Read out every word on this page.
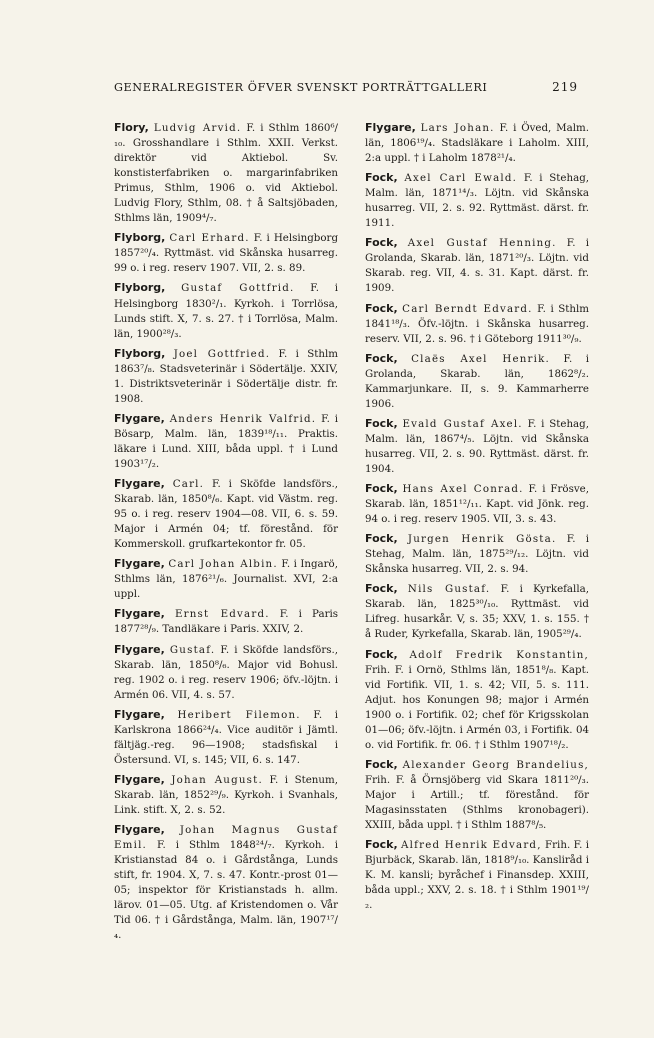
GENERALREGISTER ÖFVER SVENSKT PORTRÄTTGALLERI	219
Flory, Ludvig Arvid. F. i Sthlm 1860⁶/₁₀. Grosshandlare i Sthlm. XXII. Verkst. direktör vid Aktiebol. Sv. konstisterfabriken o. margarinfabriken Primus, Sthlm, 1906 o. vid Aktiebol. Ludvig Flory, Sthlm, 08. † å Saltsjöbaden, Sthlms län, 1909⁴/₇.
Flyborg, Carl Erhard. F. i Helsingborg 1857²⁰/₄. Ryttmäst. vid Skånska husarreg. 99 o. i reg. reserv 1907. VII, 2. s. 89.
Flyborg, Gustaf Gottfrid. F. i Helsingborg 1830²/₁. Kyrkoh. i Torrlösa, Lunds stift. X, 7. s. 27. † i Torrlösa, Malm. län, 1900²⁸/₃.
Flyborg, Joel Gottfried. F. i Sthlm 1863⁷/₈. Stadsveterinär i Södertälje. XXIV, 1. Distriktsveterinär i Södertälje distr. fr. 1908.
Flygare, Anders Henrik Valfrid. F. i Bösarp, Malm. län, 1839¹⁸/₁₁. Praktis. läkare i Lund. XIII, båda uppl. † i Lund 1903¹⁷/₂.
Flygare, Carl. F. i Sköfde landsförs., Skarab. län, 1850⁸/₆. Kapt. vid Västm. reg. 95 o. i reg. reserv 1904—08. VII, 6. s. 59. Major i Armén 04; tf. förestånd. för Kommerskoll. grufkartekontor fr. 05.
Flygare, Carl Johan Albin. F. i Ingarö, Sthlms län, 1876²¹/₆. Journalist. XVI, 2:a uppl.
Flygare, Ernst Edvard. F. i Paris 1877²⁸/₉. Tandläkare i Paris. XXIV, 2.
Flygare, Gustaf. F. i Sköfde landsförs., Skarab. län, 1850⁸/₆. Major vid Bohusl. reg. 1902 o. i reg. reserv 1906; öfv.-löjtn. i Armén 06. VII, 4. s. 57.
Flygare, Heribert Filemon. F. i Karlskrona 1866²⁴/₄. Vice auditör i Jämtl. fältjäg.-reg. 96—1908; stadsfiskal i Östersund. VI, s. 145; VII, 6. s. 147.
Flygare, Johan August. F. i Stenum, Skarab. län, 1852²⁹/₉. Kyrkoh. i Svanhals, Link. stift. X, 2. s. 52.
Flygare, Johan Magnus Gustaf Emil. F. i Sthlm 1848²⁴/₇. Kyrkoh. i Kristianstad 84 o. i Gårdstånga, Lunds stift, fr. 1904. X, 7. s. 47. Kontr.-prost 01—05; inspektor för Kristianstads h. allm. lärov. 01—05. Utg. af Kristendomen o. Vår Tid 06. † i Gårdstånga, Malm. län, 1907¹⁷/₄.
Flygare, Lars Johan. F. i Öved, Malm. län, 1806¹⁹/₄. Stadsläkare i Laholm. XIII, 2:a uppl. † i Laholm 1878²¹/₄.
Fock, Axel Carl Ewald. F. i Stehag, Malm. län, 1871¹⁴/₃. Löjtn. vid Skånska husarreg. VII, 2. s. 92. Ryttmäst. därst. fr. 1911.
Fock, Axel Gustaf Henning. F. i Grolanda, Skarab. län, 1871²⁰/₃. Löjtn. vid Skarab. reg. VII, 4. s. 31. Kapt. därst. fr. 1909.
Fock, Carl Berndt Edvard. F. i Sthlm 1841¹⁸/₃. Öfv.-löjtn. i Skånska husarreg. reserv. VII, 2. s. 96. † i Göteborg 1911³⁰/₉.
Fock, Claës Axel Henrik. F. i Grolanda, Skarab. län, 1862⁸/₂. Kammarjunkare. II, s. 9. Kammarherre 1906.
Fock, Evald Gustaf Axel. F. i Stehag, Malm. län, 1867⁴/₅. Löjtn. vid Skånska husarreg. VII, 2. s. 90. Ryttmäst. därst. fr. 1904.
Fock, Hans Axel Conrad. F. i Frösve, Skarab. län, 1851¹²/₁₁. Kapt. vid Jönk. reg. 94 o. i reg. reserv 1905. VII, 3. s. 43.
Fock, Jurgen Henrik Gösta. F. i Stehag, Malm. län, 1875²⁹/₁₂. Löjtn. vid Skånska husarreg. VII, 2. s. 94.
Fock, Nils Gustaf. F. i Kyrkefalla, Skarab. län, 1825³⁰/₁₀. Ryttmäst. vid Lifreg. husarkår. V, s. 35; XXV, 1. s. 155. † å Ruder, Kyrkefalla, Skarab. län, 1905²⁹/₄.
Fock, Adolf Fredrik Konstantin, Frih. F. i Ornö, Sthlms län, 1851⁸/₈. Kapt. vid Fortifik. VII, 1. s. 42; VII, 5. s. 111. Adjut. hos Konungen 98; major i Armén 1900 o. i Fortifik. 02; chef för Krigsskolan 01—06; öfv.-löjtn. i Armén 03, i Fortifik. 04 o. vid Fortifik. fr. 06. † i Sthlm 1907¹⁸/₂.
Fock, Alexander Georg Brandelius, Frih. F. å Örnsjöberg vid Skara 1811²⁰/₃. Major i Artill.; tf. förestånd. för Magasinsstaten (Sthlms kronobageri). XXIII, båda uppl. † i Sthlm 1887⁸/₅.
Fock, Alfred Henrik Edvard, Frih. F. i Bjurbäck, Skarab. län, 1818⁹/₁₀. Kansliråd i K. M. kansli; byråchef i Finansdep. XXIII, båda uppl.; XXV, 2. s. 18. † i Sthlm 1901¹⁹/₂.
